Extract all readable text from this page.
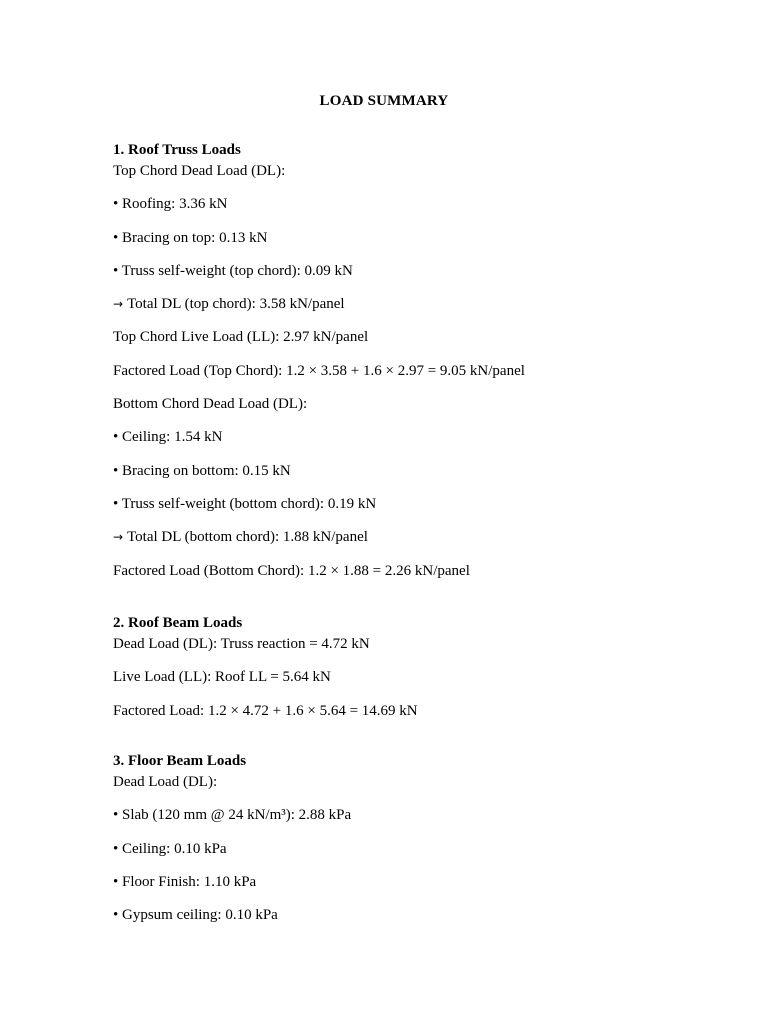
LOAD SUMMARY
1. Roof Truss Loads
Top Chord Dead Load (DL):
• Roofing: 3.36 kN
• Bracing on top: 0.13 kN
• Truss self-weight (top chord): 0.09 kN
→ Total DL (top chord): 3.58 kN/panel
Top Chord Live Load (LL): 2.97 kN/panel
Factored Load (Top Chord): 1.2 × 3.58 + 1.6 × 2.97 = 9.05 kN/panel
Bottom Chord Dead Load (DL):
• Ceiling: 1.54 kN
• Bracing on bottom: 0.15 kN
• Truss self-weight (bottom chord): 0.19 kN
→ Total DL (bottom chord): 1.88 kN/panel
Factored Load (Bottom Chord): 1.2 × 1.88 = 2.26 kN/panel
2. Roof Beam Loads
Dead Load (DL): Truss reaction = 4.72 kN
Live Load (LL): Roof LL = 5.64 kN
Factored Load: 1.2 × 4.72 + 1.6 × 5.64 = 14.69 kN
3. Floor Beam Loads
Dead Load (DL):
• Slab (120 mm @ 24 kN/m³): 2.88 kPa
• Ceiling: 0.10 kPa
• Floor Finish: 1.10 kPa
• Gypsum ceiling: 0.10 kPa
